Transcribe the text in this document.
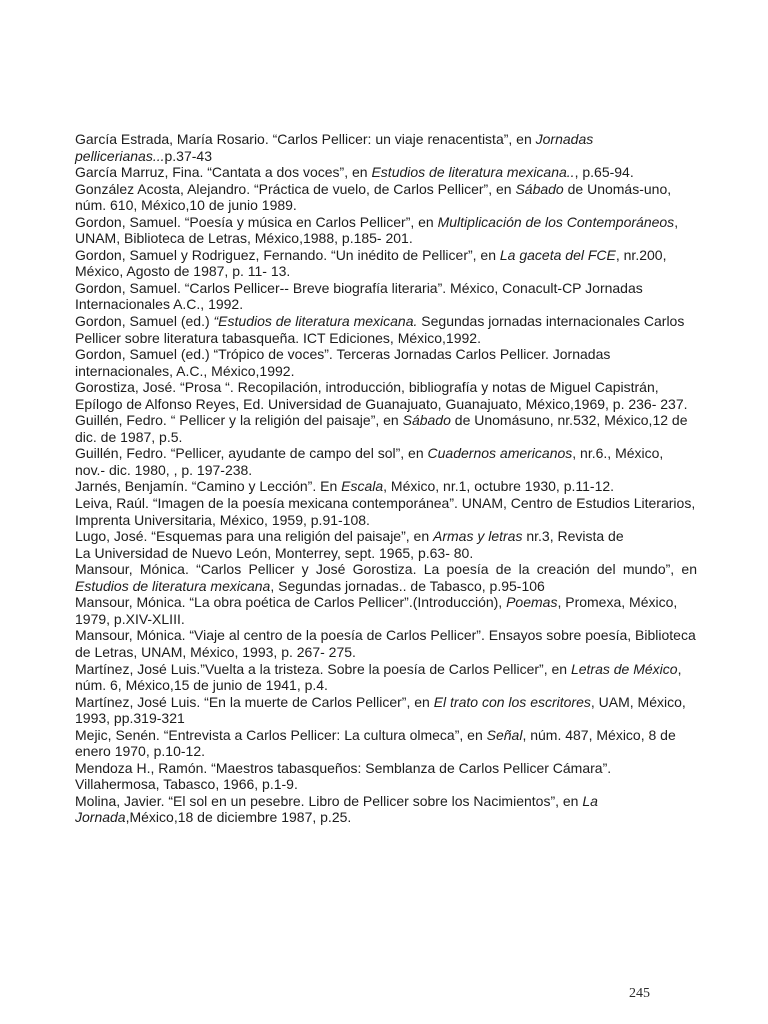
García Estrada, María Rosario. “Carlos Pellicer: un viaje renacentista”, en Jornadas pellicerianas...p.37-43

García Marruz, Fina. “Cantata a dos voces”, en Estudios de literatura mexicana.., p.65-94.

González Acosta, Alejandro. “Práctica de vuelo, de Carlos Pellicer”, en Sábado de Unomás-uno, núm. 610, México,10 de junio 1989.

Gordon, Samuel. “Poesía y música en Carlos Pellicer”, en Multiplicación de los Contemporáneos, UNAM, Biblioteca de Letras, México,1988, p.185- 201.

Gordon, Samuel y Rodriguez, Fernando. “Un inédito de Pellicer”, en La gaceta del FCE, nr.200, México, Agosto de 1987, p. 11- 13.

Gordon, Samuel. “Carlos Pellicer-- Breve biografía literaria”. México, Conacult-CP Jornadas Internacionales A.C., 1992.

Gordon, Samuel (ed.) “Estudios de literatura mexicana. Segundas jornadas internacionales Carlos Pellicer sobre literatura tabasqueña. ICT Ediciones, México,1992.

Gordon, Samuel (ed.) “Trópico de voces”. Terceras Jornadas Carlos Pellicer. Jornadas internacionales, A.C., México,1992.

Gorostiza, José. “Prosa “. Recopilación, introducción, bibliografía y notas de Miguel Capistrán, Epílogo de Alfonso Reyes, Ed. Universidad de Guanajuato, Guanajuato, México,1969, p. 236- 237.

Guillén, Fedro. “ Pellicer y la religión del paisaje”, en Sábado de Unomásuno, nr.532, México,12 de dic. de 1987, p.5.

Guillén, Fedro. “Pellicer, ayudante de campo del sol”, en Cuadernos americanos, nr.6., México, nov.- dic. 1980, , p. 197-238.

Jarnés, Benjamín. “Camino y Lección”. En Escala, México, nr.1, octubre 1930, p.11-12.

Leiva, Raúl. “Imagen de la poesía mexicana contemporánea”. UNAM, Centro de Estudios Literarios, Imprenta Universitaria, México, 1959, p.91-108.

Lugo, José. “Esquemas para una religión del paisaje”, en Armas y letras nr.3, Revista de

La Universidad de Nuevo León, Monterrey, sept. 1965, p.63- 80.

Mansour, Mónica. “Carlos Pellicer y José Gorostiza. La poesía de la creación del mundo”, en Estudios de literatura mexicana, Segundas jornadas.. de Tabasco, p.95-106

Mansour, Mónica. “La obra poética de Carlos Pellicer”.(Introducción), Poemas, Promexa, México, 1979, p.XIV-XLIII.

Mansour, Mónica. “Viaje al centro de la poesía de Carlos Pellicer”. Ensayos sobre poesía, Biblioteca de Letras, UNAM, México, 1993, p. 267- 275.

Martínez, José Luis.”Vuelta a la tristeza. Sobre la poesía de Carlos Pellicer”, en Letras de México, núm. 6, México,15 de junio de 1941, p.4.

Martínez, José Luis. “En la muerte de Carlos Pellicer”, en El trato con los escritores, UAM, México, 1993, pp.319-321

Mejic, Senén. “Entrevista a Carlos Pellicer: La cultura olmeca”, en Señal, núm. 487, México, 8 de enero 1970, p.10-12.

Mendoza H., Ramón. “Maestros tabasqueños: Semblanza de Carlos Pellicer Cámara”. Villahermosa, Tabasco, 1966, p.1-9.

Molina, Javier. “El sol en un pesebre. Libro de Pellicer sobre los Nacimientos”, en La Jornada,México,18 de diciembre 1987, p.25.

245
